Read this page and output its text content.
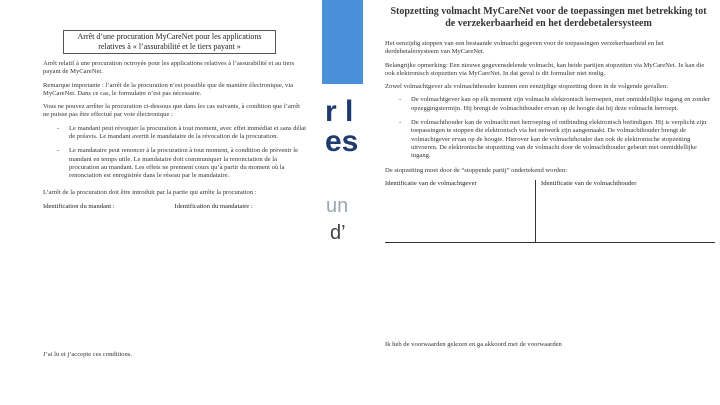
r l
es
un
d’
Arrêt d’une procuration MyCareNet pour les applications relatives à « l’assurabilité et le tiers payant »

Arrêt relatif à une procuration octroyée pour les applications relatives à l’assurabilité et au tiers payant de MyCareNet.

Remarque importante : l’arrêt de la procuration n’est possible que de manière électronique, via MyCareNet. Dans ce cas, le formulaire n’est pas nécessaire.

Vous ne pouvez arrêter la procuration ci-dessous que dans les cas suivants, à condition que l’arrêt ne puisse pas être effectué par voie électronique :

-	Le mandant peut révoquer la procuration à tout moment, avec effet immédiat et sans délai de préavis. Le mandant avertit le mandataire de la révocation de la procuration.
-	Le mandataire peut renoncer à la procuration à tout moment, à condition de prévenir le mandant en temps utile. Le mandataire doit communiquer la renonciation de la procuration au mandant. Les effets ne prennent cours qu’à partir du moment où la renonciation est enregistrée dans le réseau par le mandataire.

L’arrêt de la procuration doit être introduit par la partie qui arrête la procuration :

Identification du mandant :	Identification du mandataire :

J’ai lu et j’accepte ces conditions.

Stopzetting volmacht MyCareNet voor de toepassingen met betrekking tot de verzekerbaarheid en het derdebetalersysteem

Het eenzijdig stoppen van een bestaande volmacht gegeven voor de toepassingen verzekerbaarheid en het derdebetalersysteem van MyCareNet.

Belangrijke opmerking: Een nieuwe gegevensdelende volmacht, kan beide partijen stopzetten via MyCareNet. Je kan die ook elektronisch stopzetten via MyCareNet. In dat geval is dit formulier niet nodig.

Zowel volmachtgever als volmachthouder kunnen een eenzijdige stopzetting doen in de volgende gevallen:

-	De volmachtgever kan op elk moment zijn volmacht elektronisch herroepen, met onmiddellijke ingang en zonder opzeggingstermijn. Hij brengt de volmachthouder ervan op de hoogte dat hij deze volmacht herroept.
-	De volmachthouder kan de volmacht met herroeping of ontbinding elektronisch beëindigen. Hij is verplicht zijn toepassingen te stoppen die elektronisch via het netwerk zijn aangemaakt. De volmachthouder brengt de volmachtgever ervan op de hoogte. Hierover kan de volmachthouder dan ook de elektronische stopzetting uitvoeren. De elektronische stopzetting van de volmacht door de volmachthouder gebeurt met onmiddellijke ingang.

De stopzetting moet door de “stoppende partij” ondertekend worden:

Identificatie van de volmachtgever	Identificatie van de volmachthouder

Ik heb de voorwaarden gelezen en ga akkoord met de voorwaarden
